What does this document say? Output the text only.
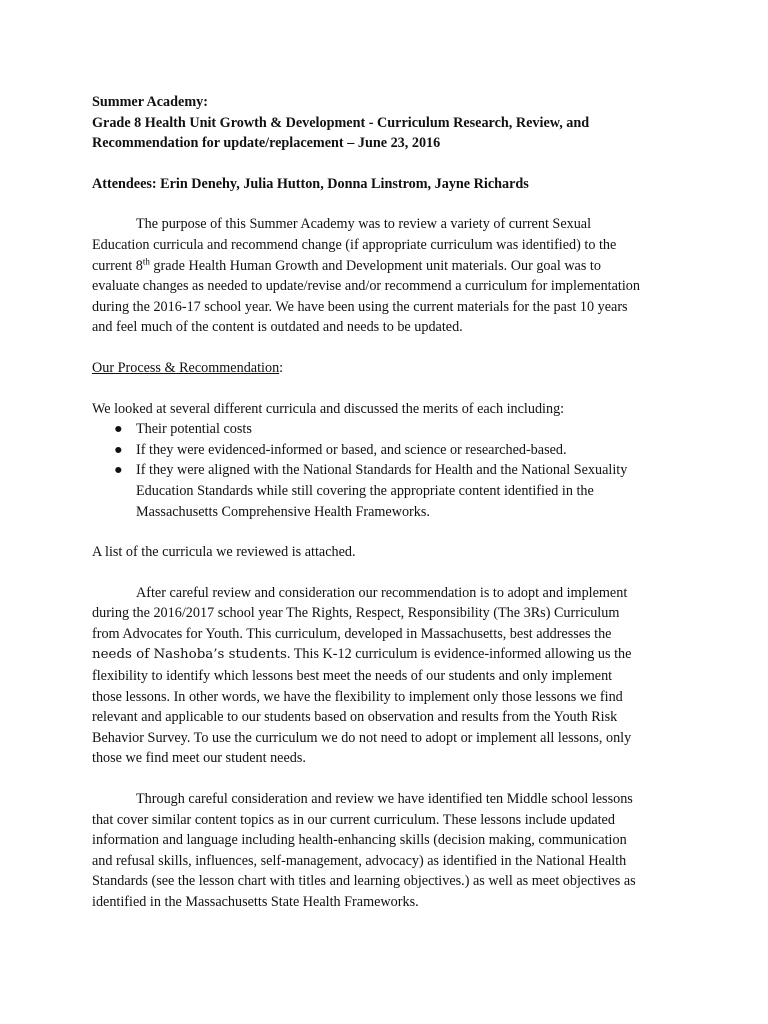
Summer Academy:

Grade 8 Health Unit Growth & Development - Curriculum Research, Review, and

Recommendation for update/replacement – June 23, 2016

Attendees: Erin Denehy, Julia Hutton, Donna Linstrom, Jayne Richards

The purpose of this Summer Academy was to review a variety of current Sexual
Education curricula and recommend change (if appropriate curriculum was identified) to the
current 8th grade Health Human Growth and Development unit materials. Our goal was to
evaluate changes as needed to update/revise and/or recommend a curriculum for implementation
during the 2016-17 school year. We have been using the current materials for the past 10 years
and feel much of the content is outdated and needs to be updated.

Our Process & Recommendation:

We looked at several different curricula and discussed the merits of each including:
● Their potential costs
● If they were evidenced-informed or based, and science or researched-based.
● If they were aligned with the National Standards for Health and the National Sexuality
Education Standards while still covering the appropriate content identified in the
Massachusetts Comprehensive Health Frameworks.

A list of the curricula we reviewed is attached.

After careful review and consideration our recommendation is to adopt and implement
during the 2016/2017 school year The Rights, Respect, Responsibility (The 3Rs) Curriculum
from Advocates for Youth. This curriculum, developed in Massachusetts, best addresses the
needs of Nashoba’s students. This K-12 curriculum is evidence-informed allowing us the
flexibility to identify which lessons best meet the needs of our students and only implement
those lessons. In other words, we have the flexibility to implement only those lessons we find
relevant and applicable to our students based on observation and results from the Youth Risk
Behavior Survey. To use the curriculum we do not need to adopt or implement all lessons, only
those we find meet our student needs.
Through careful consideration and review we have identified ten Middle school lessons
that cover similar content topics as in our current curriculum. These lessons include updated
information and language including health-enhancing skills (decision making, communication
and refusal skills, influences, self-management, advocacy) as identified in the National Health
Standards (see the lesson chart with titles and learning objectives.) as well as meet objectives as
identified in the Massachusetts State Health Frameworks.
